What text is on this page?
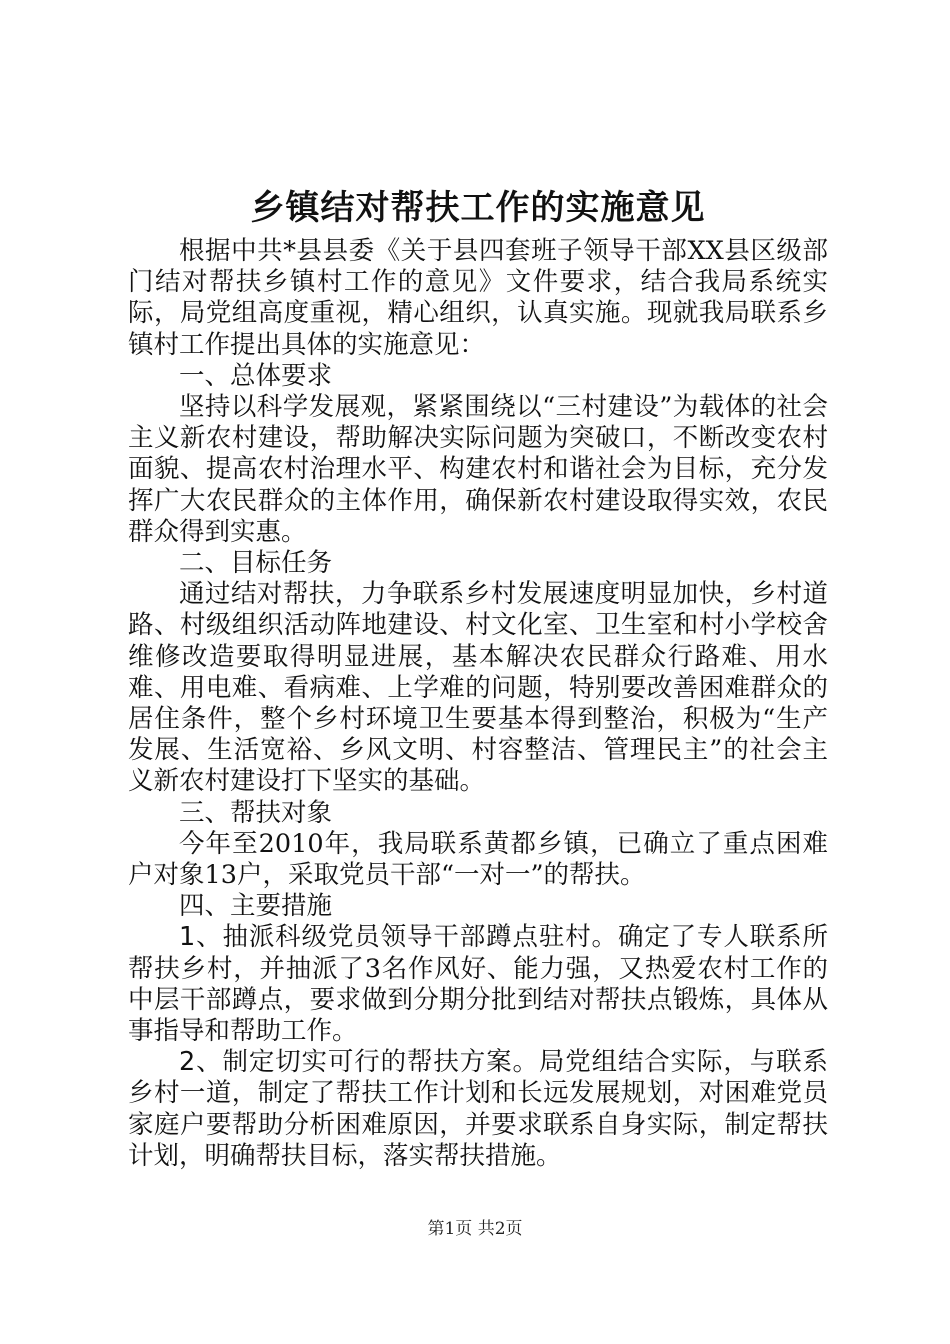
乡镇结对帮扶工作的实施意见

根据中共*县县委《关于县四套班子领导干部XX县区级部门结对帮扶乡镇村工作的意见》文件要求，结合我局系统实际，局党组高度重视，精心组织，认真实施。现就我局联系乡镇村工作提出具体的实施意见：

一、总体要求

坚持以科学发展观，紧紧围绕以“三村建设”为载体的社会主义新农村建设，帮助解决实际问题为突破口，不断改变农村面貌、提高农村治理水平、构建农村和谐社会为目标，充分发挥广大农民群众的主体作用，确保新农村建设取得实效，农民群众得到实惠。

二、目标任务

通过结对帮扶，力争联系乡村发展速度明显加快，乡村道路、村级组织活动阵地建设、村文化室、卫生室和村小学校舍维修改造要取得明显进展，基本解决农民群众行路难、用水难、用电难、看病难、上学难的问题，特别要改善困难群众的居住条件，整个乡村环境卫生要基本得到整治，积极为“生产发展、生活宽裕、乡风文明、村容整洁、管理民主”的社会主义新农村建设打下坚实的基础。

三、帮扶对象

今年至2010年，我局联系黄都乡镇，已确立了重点困难户对象13户，采取党员干部“一对一”的帮扶。

四、主要措施

1、抽派科级党员领导干部蹲点驻村。确定了专人联系所帮扶乡村，并抽派了3名作风好、能力强，又热爱农村工作的中层干部蹲点，要求做到分期分批到结对帮扶点锻炼，具体从事指导和帮助工作。

2、制定切实可行的帮扶方案。局党组结合实际，与联系乡村一道，制定了帮扶工作计划和长远发展规划，对困难党员家庭户要帮助分析困难原因，并要求联系自身实际，制定帮扶计划，明确帮扶目标，落实帮扶措施。

第1页 共2页
